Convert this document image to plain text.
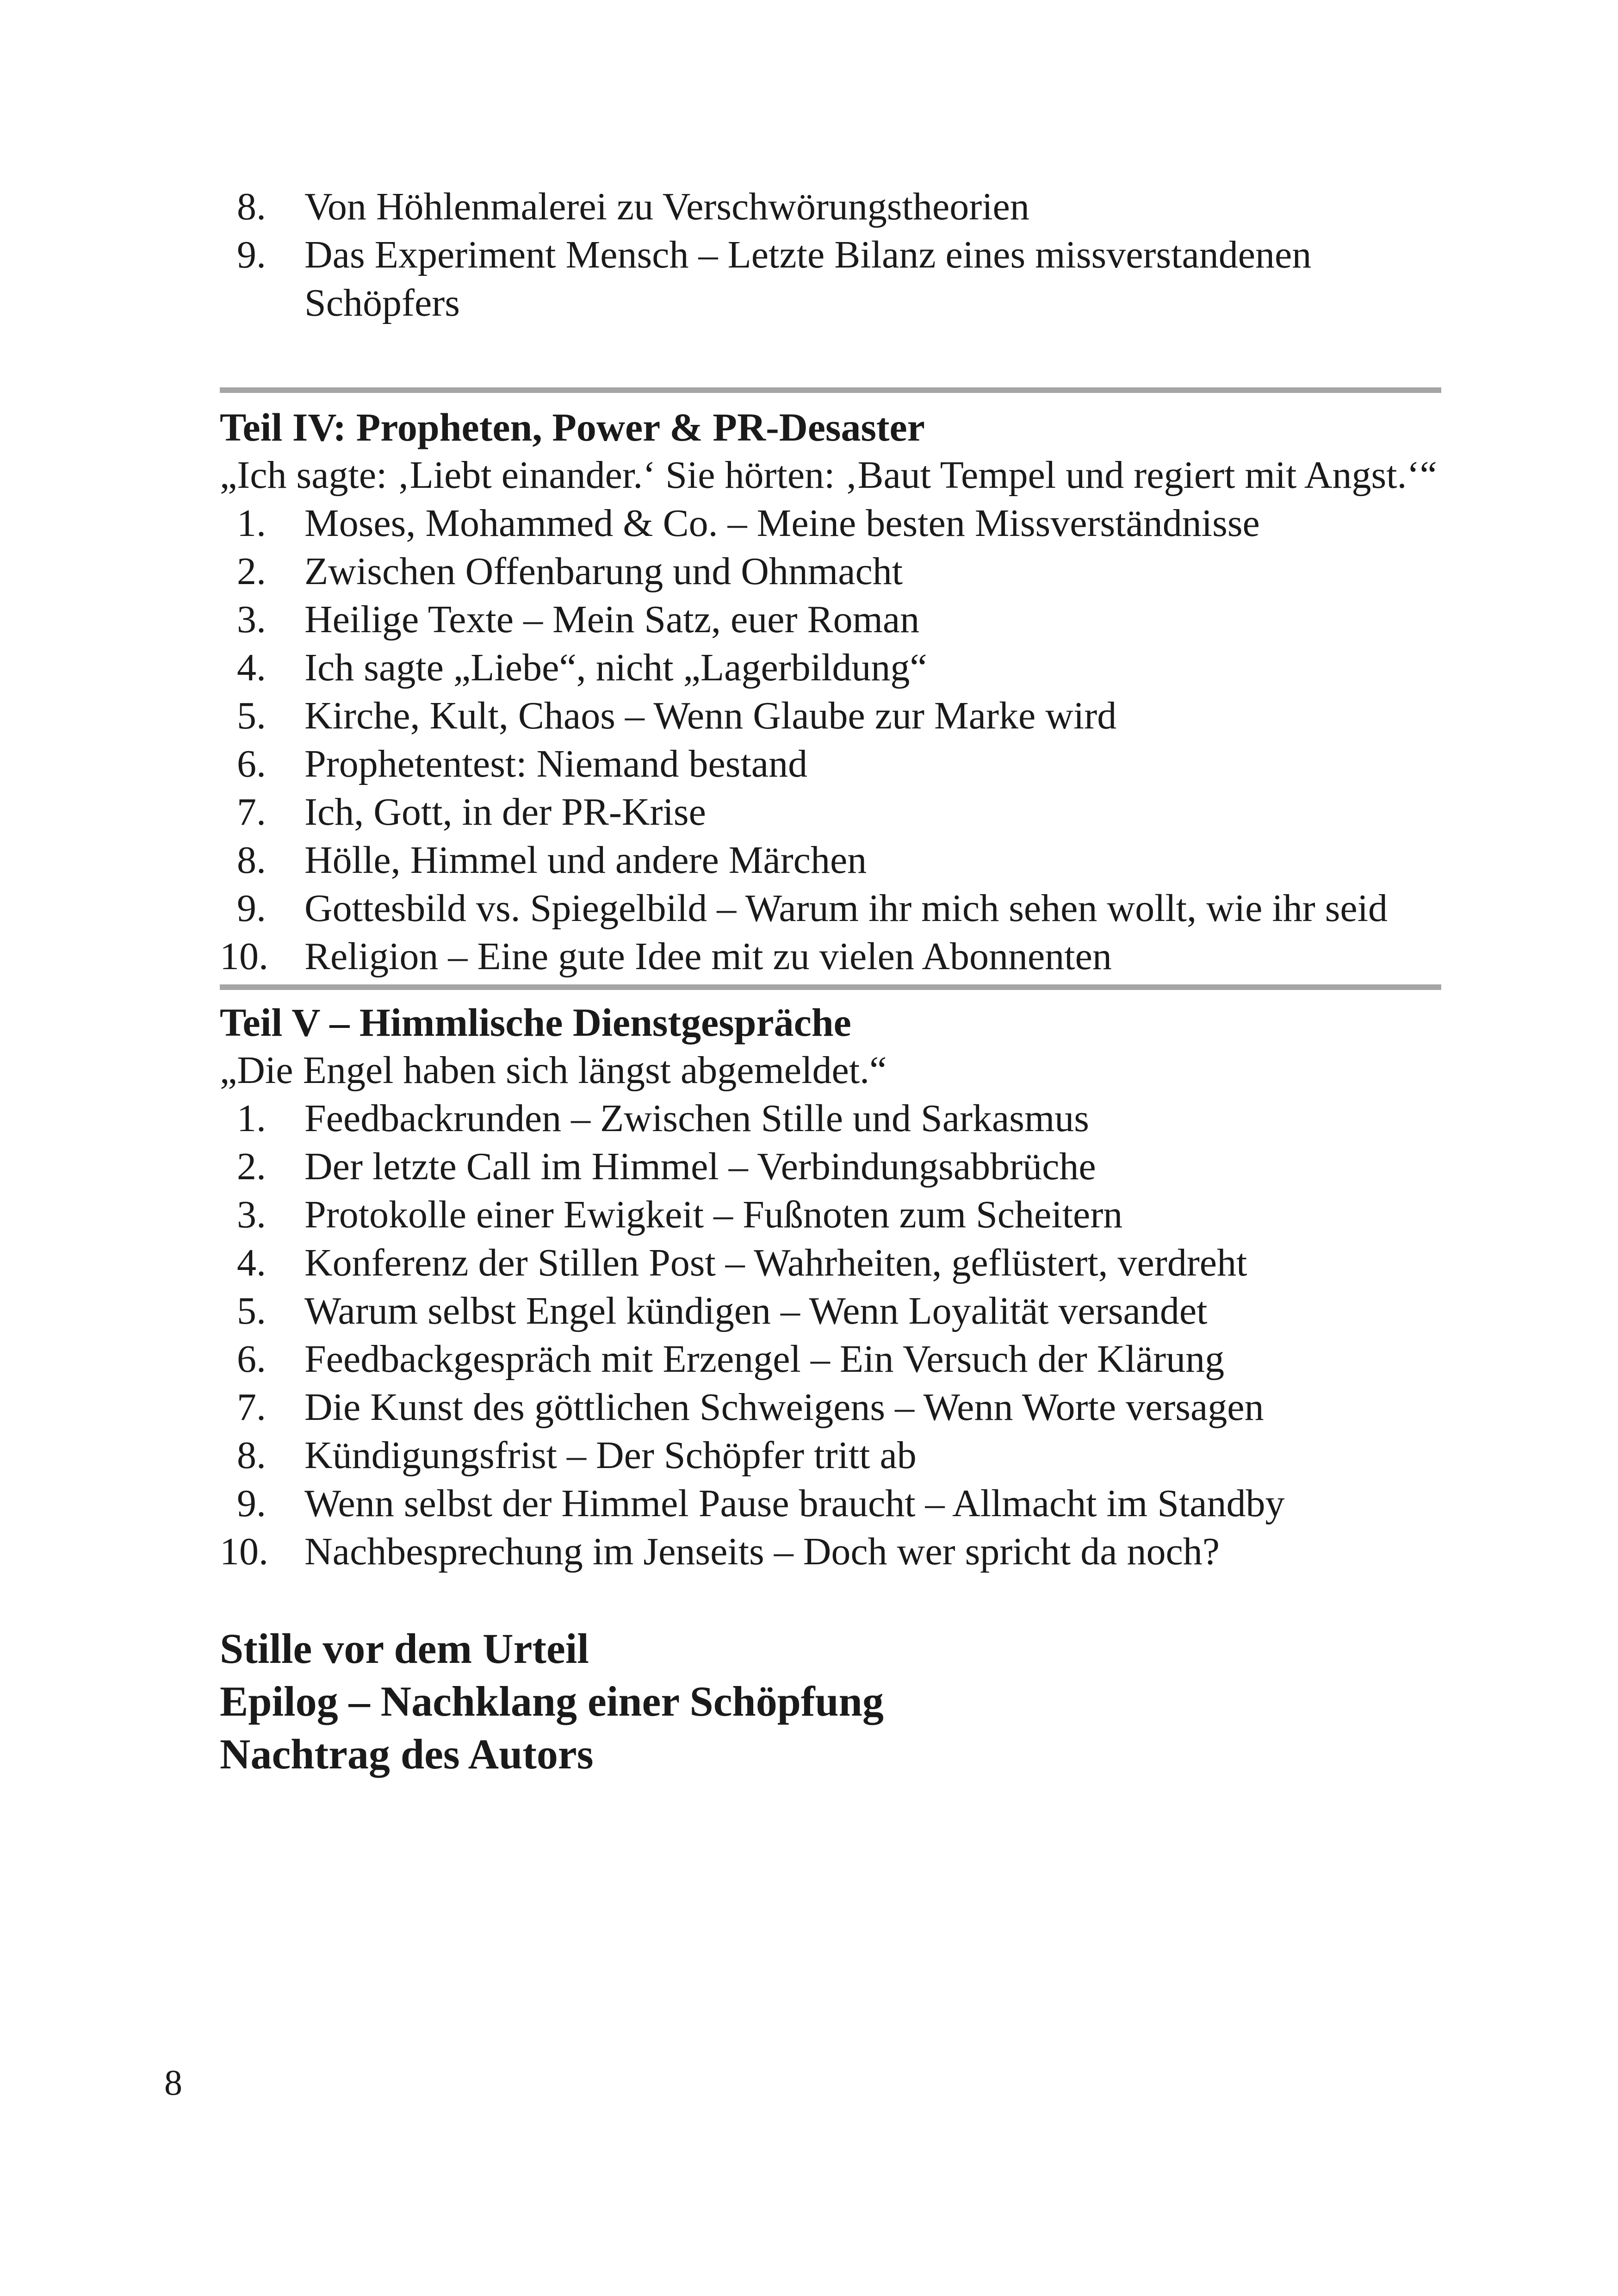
8. Von Höhlenmalerei zu Verschwörungstheorien
9. Das Experiment Mensch – Letzte Bilanz eines missverstandenen Schöpfers

Teil IV: Propheten, Power & PR-Desaster

„Ich sagte: ‚Liebt einander.‘ Sie hörten: ‚Baut Tempel und regiert mit Angst.‘“

1. Moses, Mohammed & Co. – Meine besten Missverständnisse
2. Zwischen Offenbarung und Ohnmacht
3. Heilige Texte – Mein Satz, euer Roman
4. Ich sagte „Liebe“, nicht „Lagerbildung“
5. Kirche, Kult, Chaos – Wenn Glaube zur Marke wird
6. Prophetentest: Niemand bestand
7. Ich, Gott, in der PR-Krise
8. Hölle, Himmel und andere Märchen
9. Gottesbild vs. Spiegelbild – Warum ihr mich sehen wollt, wie ihr seid
10. Religion – Eine gute Idee mit zu vielen Abonnenten

Teil V – Himmlische Dienstgespräche

„Die Engel haben sich längst abgemeldet.“

1. Feedbackrunden – Zwischen Stille und Sarkasmus
2. Der letzte Call im Himmel – Verbindungsabbrüche
3. Protokolle einer Ewigkeit – Fußnoten zum Scheitern
4. Konferenz der Stillen Post – Wahrheiten, geflüstert, verdreht
5. Warum selbst Engel kündigen – Wenn Loyalität versandet
6. Feedbackgespräch mit Erzengel – Ein Versuch der Klärung
7. Die Kunst des göttlichen Schweigens – Wenn Worte versagen
8. Kündigungsfrist – Der Schöpfer tritt ab
9. Wenn selbst der Himmel Pause braucht – Allmacht im Standby
10. Nachbesprechung im Jenseits – Doch wer spricht da noch?

Stille vor dem Urteil

Epilog – Nachklang einer Schöpfung

Nachtrag des Autors

8
